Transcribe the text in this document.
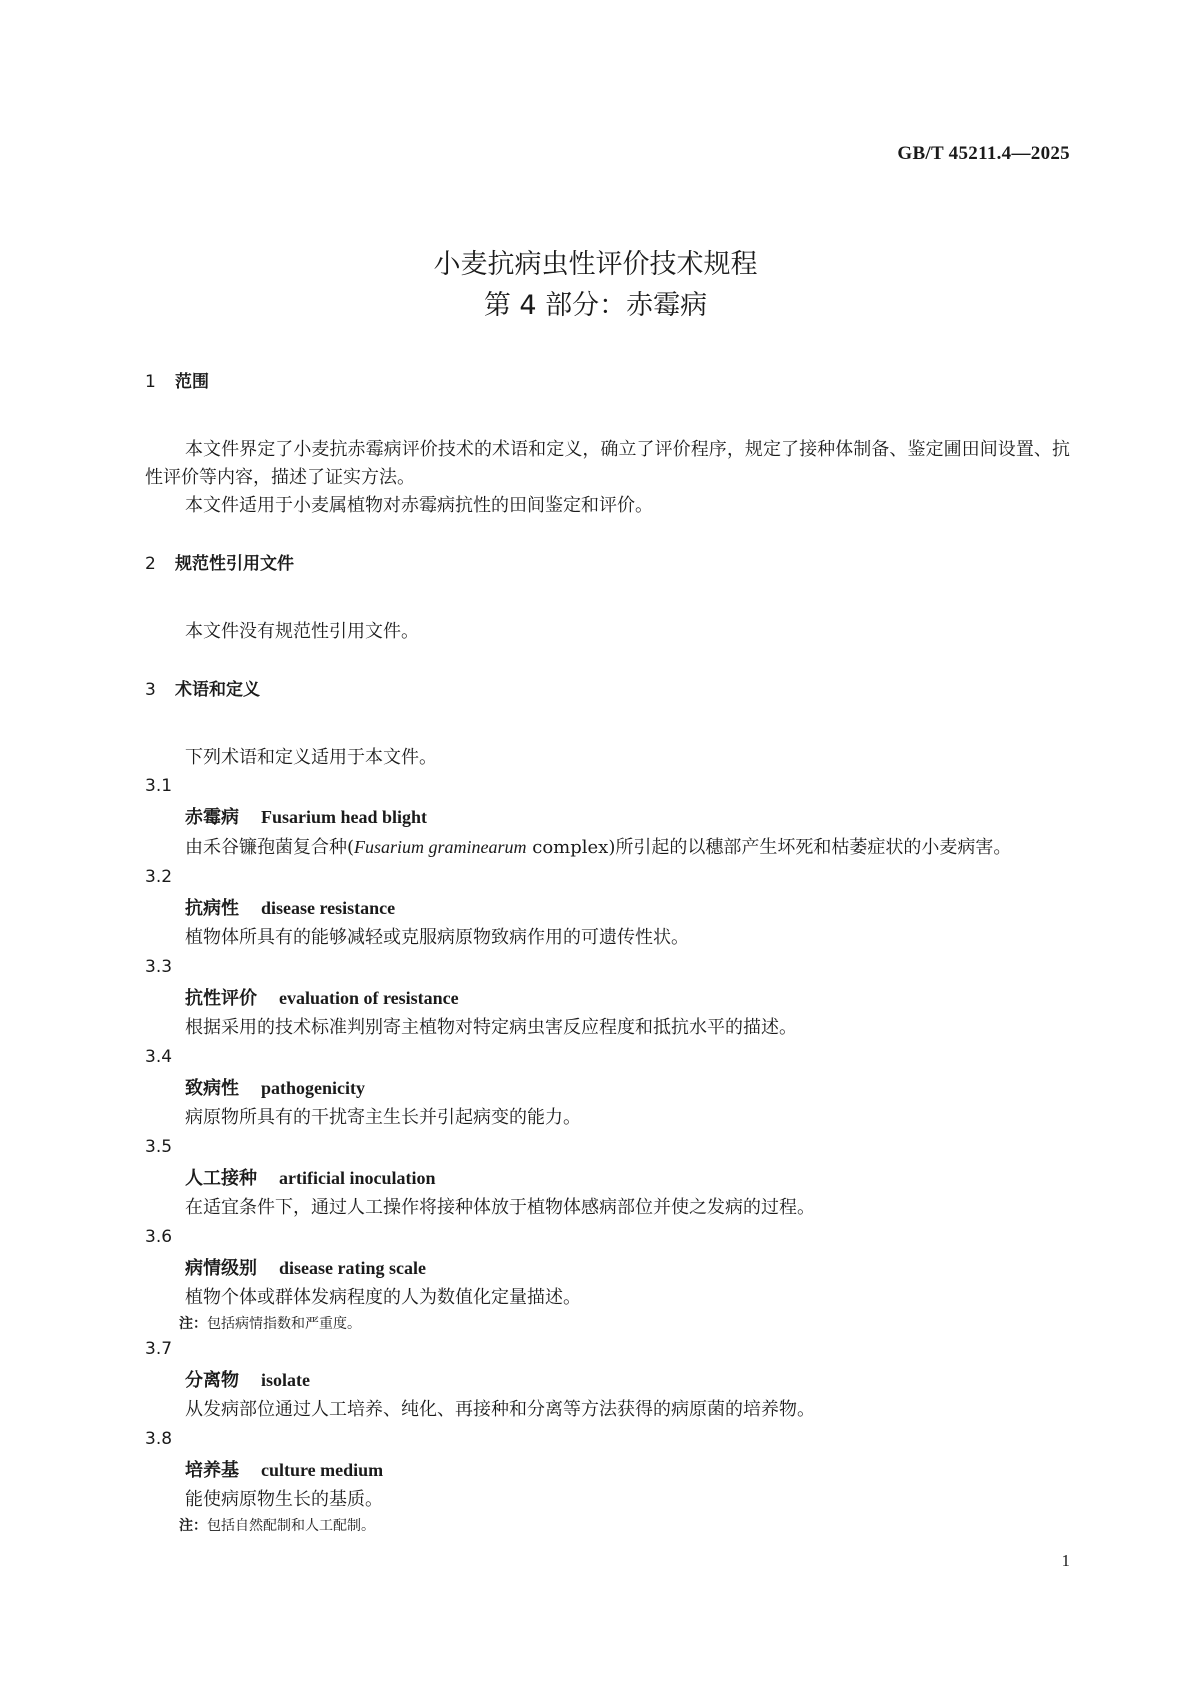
GB/T 45211.4—2025
小麦抗病虫性评价技术规程
第 4 部分：赤霉病
1 范围

本文件界定了小麦抗赤霉病评价技术的术语和定义，确立了评价程序，规定了接种体制备、鉴定圃田间设置、抗性评价等内容，描述了证实方法。

本文件适用于小麦属植物对赤霉病抗性的田间鉴定和评价。

2 规范性引用文件

本文件没有规范性引用文件。

3 术语和定义

下列术语和定义适用于本文件。

3.1
赤霉病 Fusarium head blight
由禾谷镰孢菌复合种(Fusarium graminearum complex)所引起的以穗部产生坏死和枯萎症状的小麦病害。
3.2
抗病性 disease resistance
植物体所具有的能够减轻或克服病原物致病作用的可遗传性状。
3.3
抗性评价 evaluation of resistance
根据采用的技术标准判别寄主植物对特定病虫害反应程度和抵抗水平的描述。
3.4
致病性 pathogenicity
病原物所具有的干扰寄主生长并引起病变的能力。
3.5
人工接种 artificial inoculation
在适宜条件下，通过人工操作将接种体放于植物体感病部位并使之发病的过程。
3.6
病情级别 disease rating scale
植物个体或群体发病程度的人为数值化定量描述。
注：包括病情指数和严重度。
3.7
分离物 isolate
从发病部位通过人工培养、纯化、再接种和分离等方法获得的病原菌的培养物。
3.8
培养基 culture medium
能使病原物生长的基质。
注：包括自然配制和人工配制。
1
